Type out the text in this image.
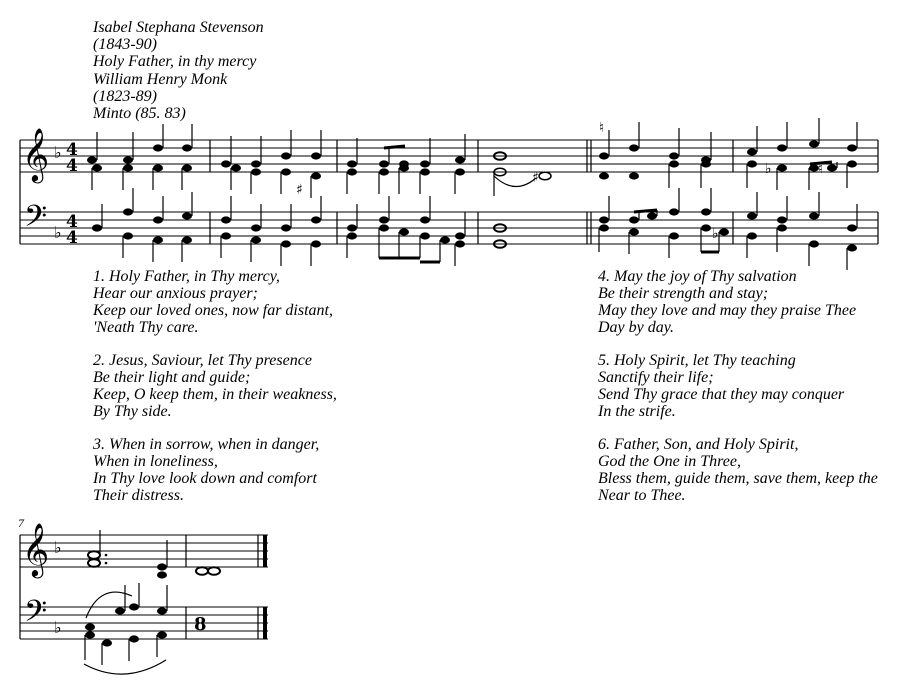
Isabel Stephana Stevenson
(1843-90)
Holy Father, in thy mercy
William Henry Monk
(1823-89)
Minto (85. 83)
𝄞
𝄢
𝄞
𝄢
♭
♭
♭
♭
4
4
4
4
♯
♯
♮
♭	♮
♭
8
7
1. Holy Father, in Thy mercy,
Hear our anxious prayer;
Keep our loved ones, now far distant,
'Neath Thy care.
2. Jesus, Saviour, let Thy presence
Be their light and guide;
Keep, O keep them, in their weakness,
By Thy side.
3. When in sorrow, when in danger,
When in loneliness,
In Thy love look down and comfort
Their distress.
4. May the joy of Thy salvation
Be their strength and stay;
May they love and may they praise Thee
Day by day.
5. Holy Spirit, let Thy teaching
Sanctify their life;
Send Thy grace that they may conquer
In the strife.
6. Father, Son, and Holy Spirit,
God the One in Three,
Bless them, guide them, save them, keep the
Near to Thee.
